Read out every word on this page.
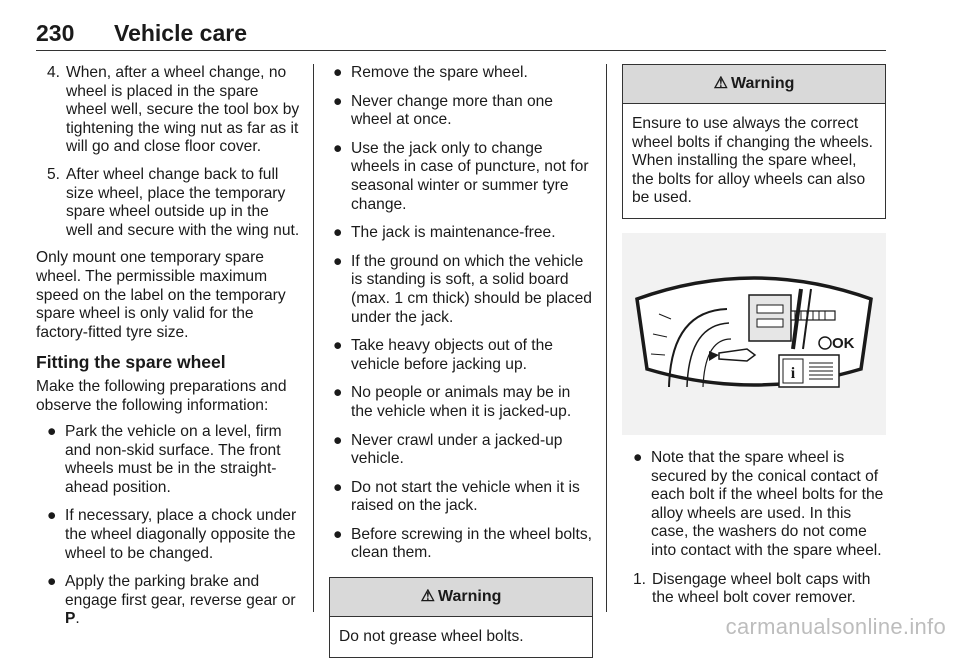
230 Vehicle care
4. When, after a wheel change, no wheel is placed in the spare wheel well, secure the tool box by tightening the wing nut as far as it will go and close floor cover.
5. After wheel change back to full size wheel, place the temporary spare wheel outside up in the well and secure with the wing nut.

Only mount one temporary spare wheel. The permissible maximum speed on the label on the temporary spare wheel is only valid for the factory-fitted tyre size.

Fitting the spare wheel

Make the following preparations and observe the following information:

● Park the vehicle on a level, firm and non-skid surface. The front wheels must be in the straight-ahead position.
● If necessary, place a chock under the wheel diagonally opposite the wheel to be changed.
● Apply the parking brake and engage first gear, reverse gear or P.
● Remove the spare wheel.
● Never change more than one wheel at once.
● Use the jack only to change wheels in case of puncture, not for seasonal winter or summer tyre change.
● The jack is maintenance-free.
● If the ground on which the vehicle is standing is soft, a solid board (max. 1 cm thick) should be placed under the jack.
● Take heavy objects out of the vehicle before jacking up.
● No people or animals may be in the vehicle when it is jacked-up.
● Never crawl under a jacked-up vehicle.
● Do not start the vehicle when it is raised on the jack.
● Before screwing in the wheel bolts, clean them.
⚠ Warning
Do not grease wheel bolts.
⚠ Warning
Ensure to use always the correct wheel bolts if changing the wheels. When installing the spare wheel, the bolts for alloy wheels can also be used.
OK
i
● Note that the spare wheel is secured by the conical contact of each bolt if the wheel bolts for the alloy wheels are used. In this case, the washers do not come into contact with the spare wheel.
1. Disengage wheel bolt caps with the wheel bolt cover remover.
carmanualsonline.info
